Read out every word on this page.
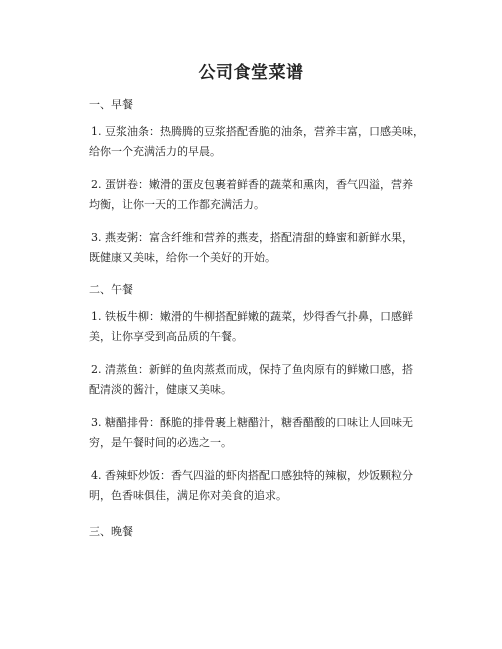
公司食堂菜谱
一、早餐

1. 豆浆油条：热腾腾的豆浆搭配香脆的油条，营养丰富，口感美味，
给你一个充满活力的早晨。

2. 蛋饼卷：嫩滑的蛋皮包裹着鲜香的蔬菜和熏肉，香气四溢，营养
均衡，让你一天的工作都充满活力。

3. 燕麦粥：富含纤维和营养的燕麦，搭配清甜的蜂蜜和新鲜水果，
既健康又美味，给你一个美好的开始。

二、午餐

1. 铁板牛柳：嫩滑的牛柳搭配鲜嫩的蔬菜，炒得香气扑鼻，口感鲜
美，让你享受到高品质的午餐。

2. 清蒸鱼：新鲜的鱼肉蒸煮而成，保持了鱼肉原有的鲜嫩口感，搭
配清淡的酱汁，健康又美味。

3. 糖醋排骨：酥脆的排骨裹上糖醋汁，糖香醋酸的口味让人回味无
穷，是午餐时间的必选之一。

4. 香辣虾炒饭：香气四溢的虾肉搭配口感独特的辣椒，炒饭颗粒分
明，色香味俱佳，满足你对美食的追求。

三、晚餐
